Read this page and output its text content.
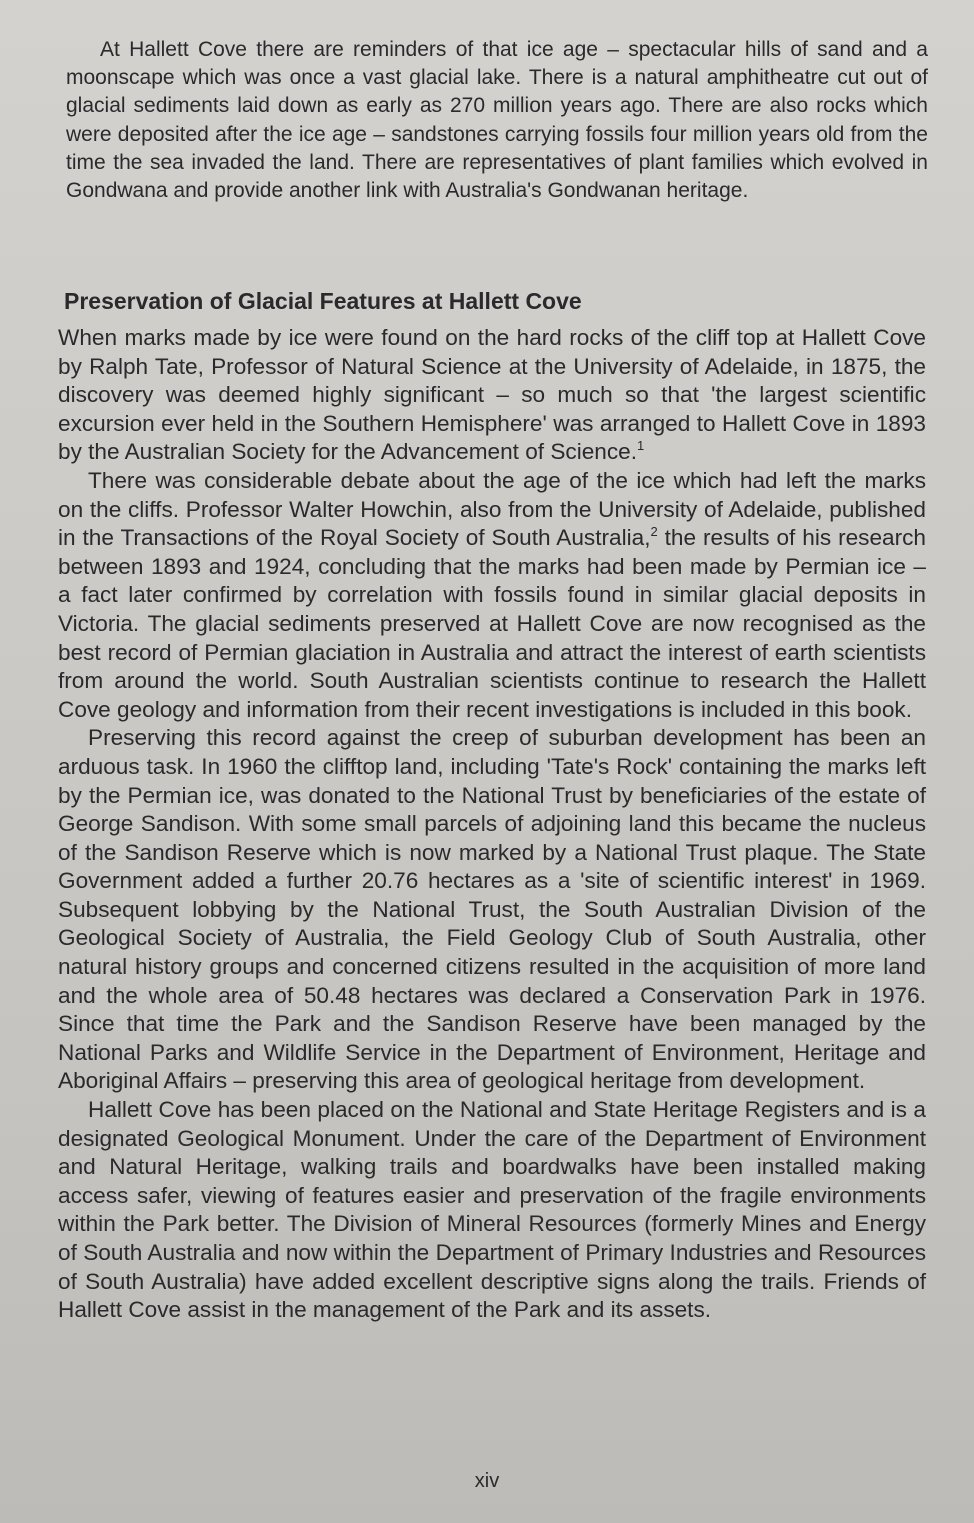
At Hallett Cove there are reminders of that ice age – spectacular hills of sand and a moonscape which was once a vast glacial lake. There is a natural amphitheatre cut out of glacial sediments laid down as early as 270 million years ago. There are also rocks which were deposited after the ice age – sandstones carrying fossils four million years old from the time the sea invaded the land. There are representatives of plant families which evolved in Gondwana and provide another link with Australia's Gondwanan heritage.

Preservation of Glacial Features at Hallett Cove

When marks made by ice were found on the hard rocks of the cliff top at Hallett Cove by Ralph Tate, Professor of Natural Science at the University of Adelaide, in 1875, the discovery was deemed highly significant – so much so that 'the largest scientific excursion ever held in the Southern Hemisphere' was arranged to Hallett Cove in 1893 by the Australian Society for the Advancement of Science.$^1$

There was considerable debate about the age of the ice which had left the marks on the cliffs. Professor Walter Howchin, also from the University of Adelaide, published in the Transactions of the Royal Society of South Australia,$^2$ the results of his research between 1893 and 1924, concluding that the marks had been made by Permian ice – a fact later confirmed by correlation with fossils found in similar glacial deposits in Victoria. The glacial sediments preserved at Hallett Cove are now recognised as the best record of Permian glaciation in Australia and attract the interest of earth scientists from around the world. South Australian scientists continue to research the Hallett Cove geology and information from their recent investigations is included in this book.

Preserving this record against the creep of suburban development has been an arduous task. In 1960 the clifftop land, including 'Tate's Rock' containing the marks left by the Permian ice, was donated to the National Trust by beneficiaries of the estate of George Sandison. With some small parcels of adjoining land this became the nucleus of the Sandison Reserve which is now marked by a National Trust plaque. The State Government added a further 20.76 hectares as a 'site of scientific interest' in 1969. Subsequent lobbying by the National Trust, the South Australian Division of the Geological Society of Australia, the Field Geology Club of South Australia, other natural history groups and concerned citizens resulted in the acquisition of more land and the whole area of 50.48 hectares was declared a Conservation Park in 1976. Since that time the Park and the Sandison Reserve have been managed by the National Parks and Wildlife Service in the Department of Environment, Heritage and Aboriginal Affairs – preserving this area of geological heritage from development.

Hallett Cove has been placed on the National and State Heritage Registers and is a designated Geological Monument. Under the care of the Department of Environment and Natural Heritage, walking trails and boardwalks have been installed making access safer, viewing of features easier and preservation of the fragile environments within the Park better. The Division of Mineral Resources (formerly Mines and Energy of South Australia and now within the Department of Primary Industries and Resources of South Australia) have added excellent descriptive signs along the trails. Friends of Hallett Cove assist in the management of the Park and its assets.

xiv
